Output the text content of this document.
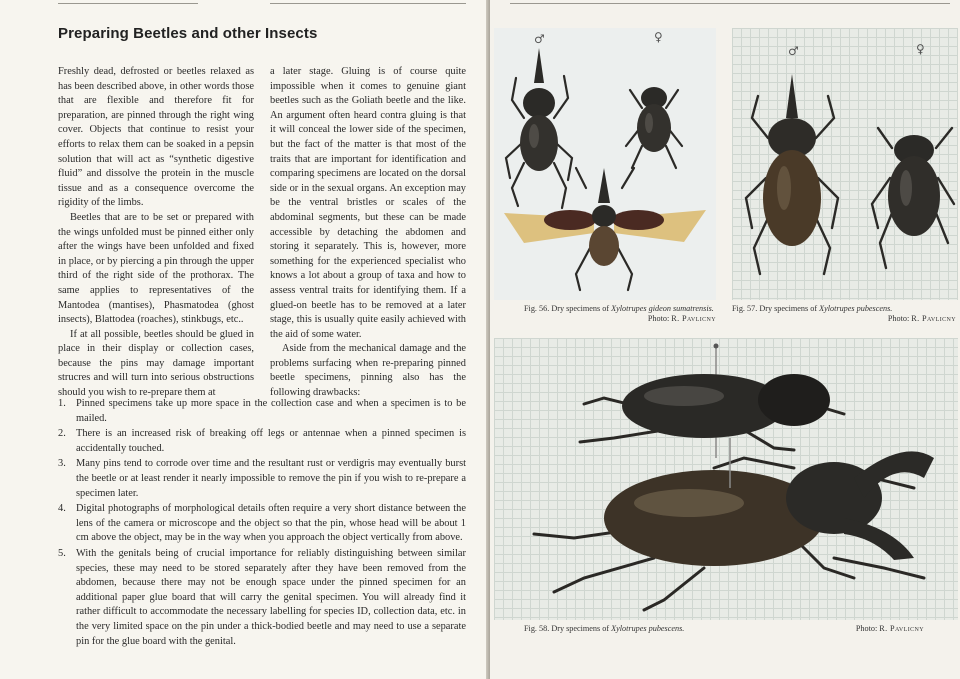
Preparing Beetles and other Insects

Freshly dead, defrosted or beetles relaxed as has been described above, in other words those that are flexible and therefore fit for preparation, are pinned through the right wing cover. Objects that continue to resist your efforts to relax them can be soaked in a pepsin solution that will act as “synthetic digestive fluid” and dissolve the protein in the muscle tissue and as a consequence overcome the rigidity of the limbs.

Beetles that are to be set or prepared with the wings unfolded must be pinned either only after the wings have been unfolded and fixed in place, or by piercing a pin through the upper third of the right side of the prothorax. The same applies to representatives of the Mantodea (mantises), Phasmatodea (ghost insects), Blattodea (roaches), stinkbugs, etc..

If at all possible, beetles should be glued in place in their display or collection cases, because the pins may damage important strucres and will turn into serious obstructions should you wish to re-prepare them at

a later stage. Gluing is of course quite impossible when it comes to genuine giant beetles such as the Goliath beetle and the like. An argument often heard contra gluing is that it will conceal the lower side of the specimen, but the fact of the matter is that most of the traits that are important for identification and comparing specimens are located on the dorsal side or in the sexual organs. An exception may be the ventral bristles or scales of the abdominal segments, but these can be made accessible by detaching the abdomen and storing it separately. This is, however, more something for the experienced specialist who knows a lot about a group of taxa and how to assess ventral traits for identifying them. If a glued-on beetle has to be removed at a later stage, this is usually quite easily achieved with the aid of some water.

Aside from the mechanical damage and the problems surfacing when re-preparing pinned beetle specimens, pinning also has the following drawbacks:

1. Pinned specimens take up more space in the collection case and when a specimen is to be mailed.
2. There is an increased risk of breaking off legs or antennae when a pinned specimen is accidentally touched.
3. Many pins tend to corrode over time and the resultant rust or verdigris may eventually burst the beetle or at least render it nearly impossible to remove the pin if you wish to re-prepare a specimen later.
4. Digital photographs of morphological details often require a very short distance between the lens of the camera or microscope and the object so that the pin, whose head will be about 1 cm above the object, may be in the way when you approach the object vertically from above.
5. With the genitals being of crucial importance for reliably distinguishing between similar species, these may need to be stored separately after they have been removed from the abdomen, because there may not be enough space under the pinned specimen for an additional paper glue board that will carry the genital specimen. You will already find it rather difficult to accommodate the necessary labelling for species ID, collection data, etc. in the very limited space on the pin under a thick-bodied beetle and may need to use a separate pin for the glue board with the genital.
♂	♀
♂	♀
Fig. 56. Dry specimens of Xylotrupes gideon sumatrensis.
Photo: R. Pavlicny
Fig. 57. Dry specimens of Xylotrupes pubescens.
Photo: R. Pavlicny
Fig. 58. Dry specimens of Xylotrupes pubescens.	Photo: R. Pavlicny
